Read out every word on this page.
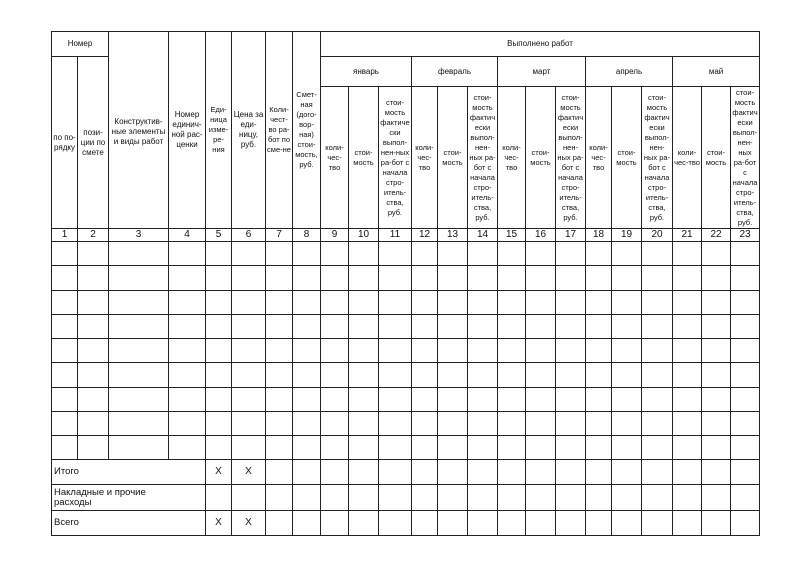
Номер		Конструктив-ные элементы и виды работ	Номер единич-ной рас-ценки	Еди-ница изме-ре-ния	Цена за еди-ницу, руб.	Коли-чест-во ра-бот по сме-не	Смет-ная (дого-вор-ная) стои-мость, руб.	Выполнено работ														
по по-рядку	пози-ции по смете							январь			февраль			март			апрель			май		
								коли-чес-тво	стои-мость	стои-мость фактически выпол-нен-ных ра-бот с начала стро-итель-ства, руб.	коли-чес-тво	стои-мость	стои-мость фактически выпол-нен-ных ра-бот с начала стро-итель-ства, руб.	коли-чес-тво	стои-мость	стои-мость фактически выпол-нен-ных ра-бот с начала стро-итель-ства, руб.	коли-чес-тво	стои-мость	стои-мость фактически выпол-нен-ных ра-бот с начала стро-итель-ства, руб.	коли-чес-тво	стои-мость	стои-мость фактически выпол-нен-ных ра-бот с начала стро-итель-ства, руб.
1	2	3	4	5	6	7	8	9	10	11	12	13	14	15	16	17	18	19	20	21	22	23

Итого				Х	Х																	
Накладные и прочие расходы																						
Всего				Х	Х																	
